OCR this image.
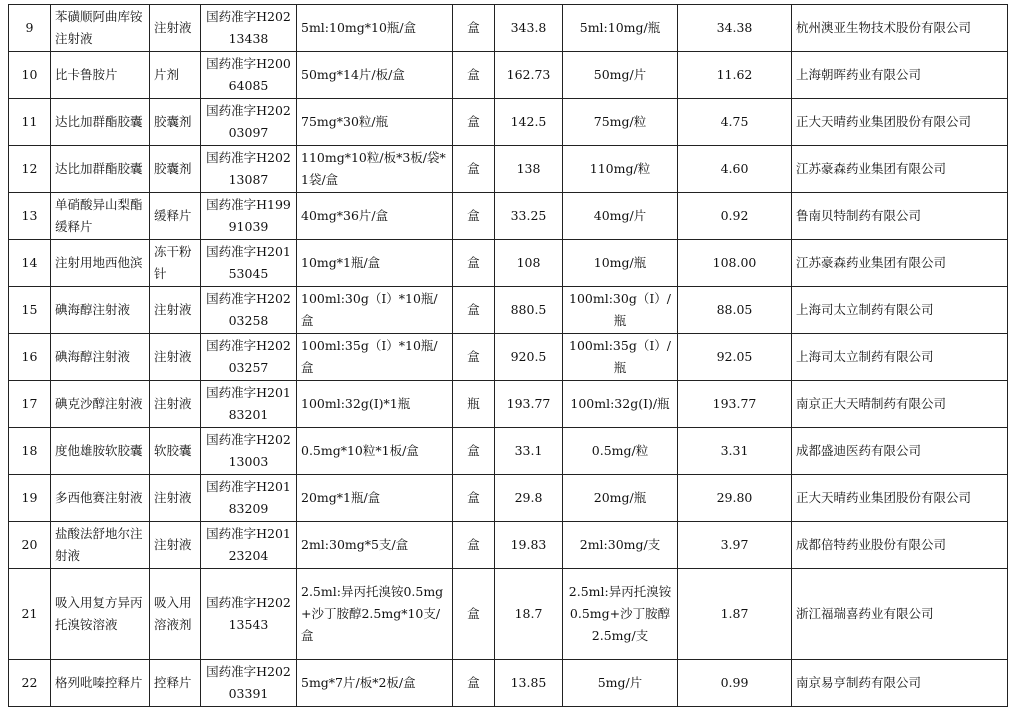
9	苯磺顺阿曲库铵注射液	注射液	国药准字H20213438	5ml:10mg*10瓶/盒	盒	343.8	5ml:10mg/瓶	34.38	杭州澳亚生物技术股份有限公司
10	比卡鲁胺片	片剂	国药准字H20064085	50mg*14片/板/盒	盒	162.73	50mg/片	11.62	上海朝晖药业有限公司
11	达比加群酯胶囊	胶囊剂	国药准字H20203097	75mg*30粒/瓶	盒	142.5	75mg/粒	4.75	正大天晴药业集团股份有限公司
12	达比加群酯胶囊	胶囊剂	国药准字H20213087	110mg*10粒/板*3板/袋*1袋/盒	盒	138	110mg/粒	4.60	江苏豪森药业集团有限公司
13	单硝酸异山梨酯缓释片	缓释片	国药准字H19991039	40mg*36片/盒	盒	33.25	40mg/片	0.92	鲁南贝特制药有限公司
14	注射用地西他滨	冻干粉针	国药准字H20153045	10mg*1瓶/盒	盒	108	10mg/瓶	108.00	江苏豪森药业集团有限公司
15	碘海醇注射液	注射液	国药准字H20203258	100ml:30g（I）*10瓶/盒	盒	880.5	100ml:30g（I）/瓶	88.05	上海司太立制药有限公司
16	碘海醇注射液	注射液	国药准字H20203257	100ml:35g（I）*10瓶/盒	盒	920.5	100ml:35g（I）/瓶	92.05	上海司太立制药有限公司
17	碘克沙醇注射液	注射液	国药准字H20183201	100ml:32g(I)*1瓶	瓶	193.77	100ml:32g(I)/瓶	193.77	南京正大天晴制药有限公司
18	度他雄胺软胶囊	软胶囊	国药准字H20213003	0.5mg*10粒*1板/盒	盒	33.1	0.5mg/粒	3.31	成都盛迪医药有限公司
19	多西他赛注射液	注射液	国药准字H20183209	20mg*1瓶/盒	盒	29.8	20mg/瓶	29.80	正大天晴药业集团股份有限公司
20	盐酸法舒地尔注射液	注射液	国药准字H20123204	2ml:30mg*5支/盒	盒	19.83	2ml:30mg/支	3.97	成都倍特药业股份有限公司
21	吸入用复方异丙托溴铵溶液	吸入用溶液剂	国药准字H20213543	2.5ml:异丙托溴铵0.5mg+沙丁胺醇2.5mg*10支/盒	盒	18.7	2.5ml:异丙托溴铵0.5mg+沙丁胺醇2.5mg/支	1.87	浙江福瑞喜药业有限公司
22	格列吡嗪控释片	控释片	国药准字H20203391	5mg*7片/板*2板/盒	盒	13.85	5mg/片	0.99	南京易亨制药有限公司
